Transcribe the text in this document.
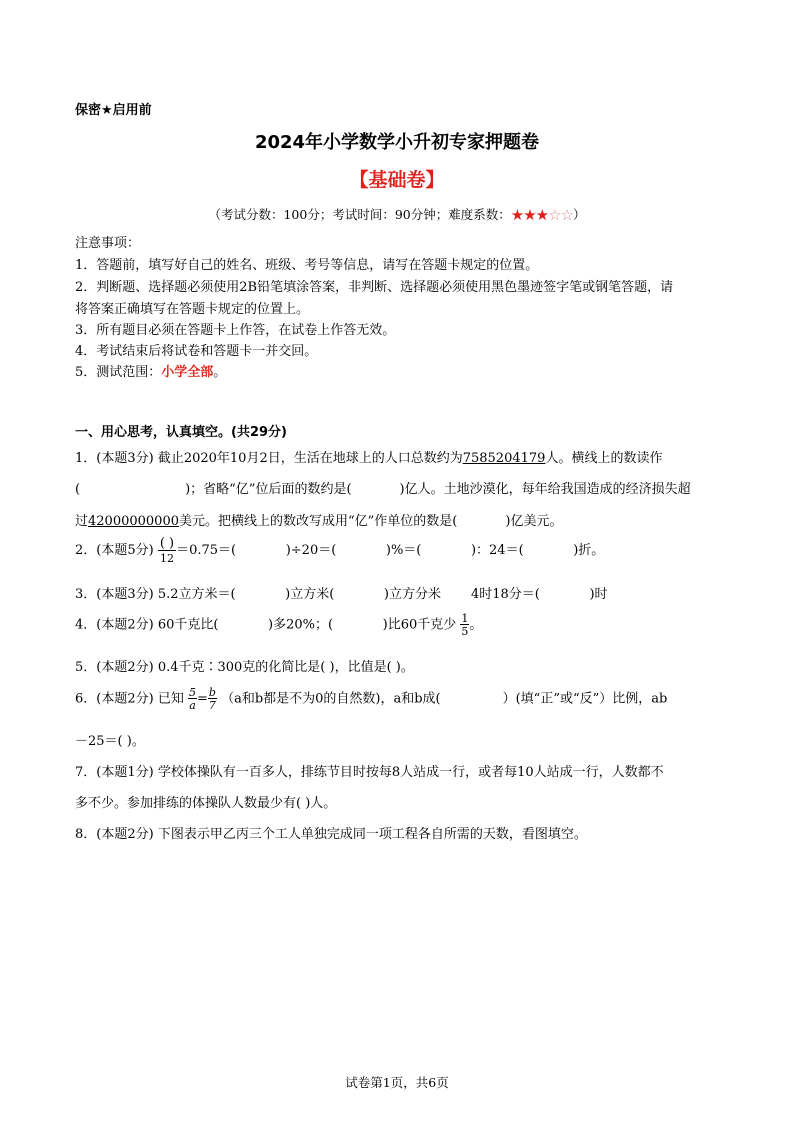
保密★启用前
2024年小学数学小升初专家押题卷
【基础卷】
（考试分数：100分；考试时间：90分钟；难度系数：★★★☆☆）
注意事项：
1．答题前，填写好自己的姓名、班级、考号等信息，请写在答题卡规定的位置。
2．判断题、选择题必须使用2B铅笔填涂答案，非判断、选择题必须使用黑色墨迹签字笔或钢笔答题，请
将答案正确填写在答题卡规定的位置上。
3．所有题目必须在答题卡上作答，在试卷上作答无效。
4．考试结束后将试卷和答题卡一并交回。
5．测试范围：小学全部。
一、用心思考，认真填空。(共29分)
1．(本题3分) 截止2020年10月2日，生活在地球上的人口总数约为7585204179人。横线上的数读作
(	)；省略“亿”位后面的数约是(	)亿人。土地沙漠化，每年给我国造成的经济损失超
过42000000000美元。把横线上的数改写成用“亿”作单位的数是(	)亿美元。
2．(本题5分) $\frac{( )}{12} =0.75=$(            )÷20＝(            )%＝(            )：24＝(            )折。
3．(本题3分) 5.2立方米＝(            )立方米(            )立方分米 4时18分＝(            )时
4．(本题2分) 60千克比(            )多20%；(            )比60千克少 $\frac{1}{5}$ 。
5．(本题2分) 0.4千克∶300克的化简比是( )，比值是( )。
6．(本题2分) 已知 $\frac{5}{a} = \frac{b}{7} (a$和b都是不为0的自然数)，a和b成(               ）(填“正”或“反”）比例，ab
－25＝( )。
7．(本题1分) 学校体操队有一百多人，排练节目时按每8人站成一行，或者每10人站成一行，人数都不
多不少。参加排练的体操队人数最少有( )人。
8．(本题2分) 下图表示甲乙丙三个工人单独完成同一项工程各自所需的天数，看图填空。
试卷第1页，共6页
